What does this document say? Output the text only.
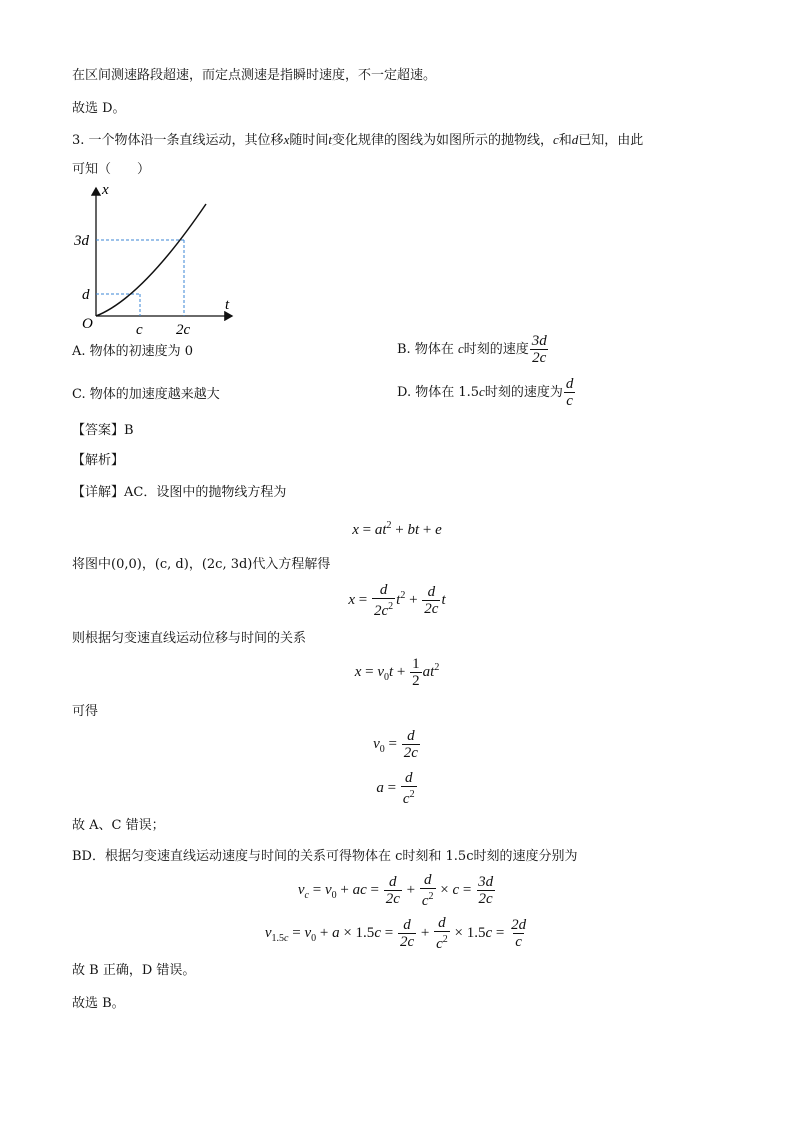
在区间测速路段超速，而定点测速是指瞬时速度，不一定超速。
故选 D。
3. 一个物体沿一条直线运动，其位移x随时间t变化规律的图线为如图所示的抛物线，c和d已知，由此
可知（　　）
x
t
O
3d
d
c 2c
A. 物体的初速度为 0	B. 物体在 c时刻的速度 $\frac{3d}{2c}$
C. 物体的加速度越来越大	D. 物体在 1.5c时刻的速度为 $\frac{d}{c}$
【答案】B
【解析】
【详解】AC．设图中的抛物线方程为
$x = at^2$ + bt + e
将图中(0,0)，(c, d)，(2c, 3d)代入方程解得
$x = \frac{d}{2c^2} t^2 + \frac{d}{2c}$ t
则根据匀变速直线运动位移与时间的关系
$x = v_0t + \frac{1}{2} at^2$
可得
$v_0 = \frac{d}{2c}$
$a = \frac{d}{c^2}$
故 A、C 错误；
BD．根据匀变速直线运动速度与时间的关系可得物体在 c时刻和 1.5c时刻的速度分别为
$v_c = v_0$ + ac = $\frac{d}{2c} + \frac{d}{c^2} \times c = \frac{3d}{2c}$
$v_{1.5c} = v_0 + a \times 1.5c = \frac{d}{2c} + \frac{d}{c^2} \times 1.5c = \frac{2d}{c}$
故 B 正确，D 错误。
故选 B。
